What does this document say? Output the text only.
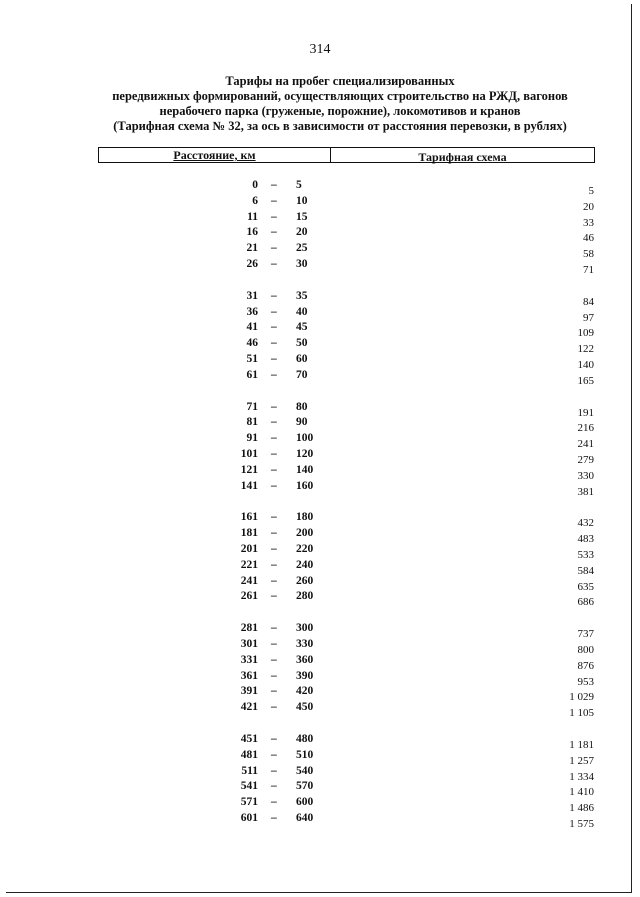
314
Тарифы на пробег специализированных
передвижных формирований, осуществляющих строительство на РЖД, вагонов
нерабочего парка (груженые, порожние), локомотивов и кранов
(Тарифная схема № 32, за ось в зависимости от расстояния перевозки, в рублях)
Расстояние, км	Тарифная схема
0 – 5	5
6 – 10	20
11 – 15	33
16 – 20	46
21 – 25	58
26 – 30	71
31 – 35	84
36 – 40	97
41 – 45	109
46 – 50	122
51 – 60	140
61 – 70	165
71 – 80	191
81 – 90	216
91 – 100	241
101 – 120	279
121 – 140	330
141 – 160	381
161 – 180	432
181 – 200	483
201 – 220	533
221 – 240	584
241 – 260	635
261 – 280	686
281 – 300	737
301 – 330	800
331 – 360	876
361 – 390	953
391 – 420	1 029
421 – 450	1 105
451 – 480	1 181
481 – 510	1 257
511 – 540	1 334
541 – 570	1 410
571 – 600	1 486
601 – 640	1 575
